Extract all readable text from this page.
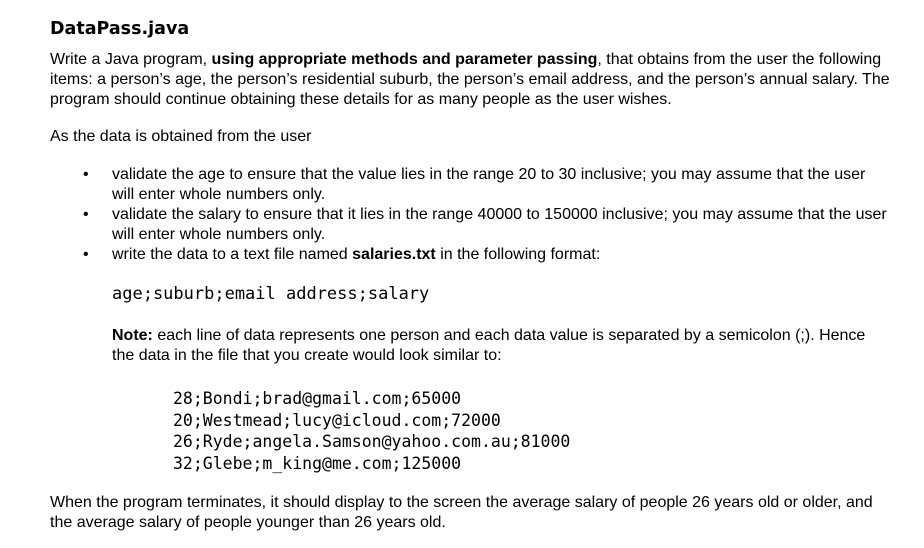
DataPass.java

Write a Java program, using appropriate methods and parameter passing, that obtains from the user the following items: a person’s age, the person’s residential suburb, the person’s email address, and the person’s annual salary. The program should continue obtaining these details for as many people as the user wishes.

As the data is obtained from the user

• validate the age to ensure that the value lies in the range 20 to 30 inclusive; you may assume that the user will enter whole numbers only.
• validate the salary to ensure that it lies in the range 40000 to 150000 inclusive; you may assume that the user will enter whole numbers only.
• write the data to a text file named salaries.txt in the following format:
age;suburb;email address;salary
Note: each line of data represents one person and each data value is separated by a semicolon (;). Hence the data in the file that you create would look similar to:
28;Bondi;brad@gmail.com;65000
20;Westmead;lucy@icloud.com;72000
26;Ryde;angela.Samson@yahoo.com.au;81000
32;Glebe;m_king@me.com;125000

When the program terminates, it should display to the screen the average salary of people 26 years old or older, and the average salary of people younger than 26 years old.
